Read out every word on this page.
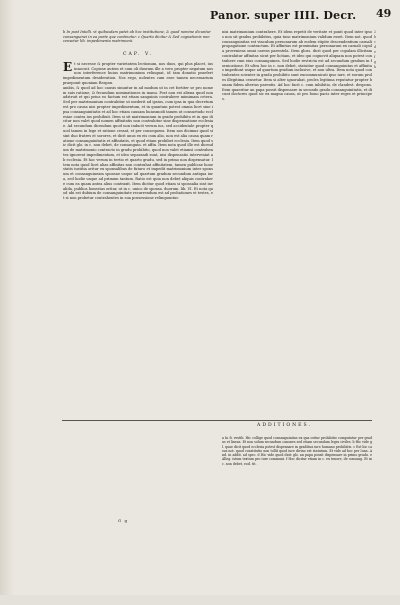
Panor. super IIII. Decr. 49
b In post Intelli. vt quibusdam patet ab hoc institutione, & quod nomine dicuntur consanguinei in ea parte que continetur. c Quarto dicitur & Sed cognationis non censetur lib. impedimenta matrimonii.
CAP. V.
E t si necesse & propter varietatem lectionum, nos duos, qui plus placet, ius innocuit. Copiose autem et cum oli duorum ille a vero propter negatum nos non interference huius matrimonium relinquat, id tam donatio praefert impedimentum desideration. Nos ergo, nolentes cum esse tamen necessarium praeponit quoniam Respon.
ambis, & quod ad hoc causis sinuntur in ad modum ut in cet fortiter se pro nomem suis ratione, & fecundum nominationes in manu. Post non est aliena quod non adstruit et qui prius eo factum est etiam sanguinis contrahere mimimam cetera. Sed per matrimonium contrahitur ut mederit ad ipsius, cum ipsa in qua decretum est pro causa nisi propter impedimentum, et in quantum potest omnia licet sine ipsa consanguinitatis et ad hoc etiam causam huiusmodi tamen ut consuetudo ecclesiae contra ius prohibuit. Item si sit matrimonium in gradu prohibito et in quo dicitur non valet quod nomen affinitatis non contrahitur sine dispensatione ecclesiae. Ad secundum dicendum quod non inducit verum ius, sed accidentale propter quod tamen in lege et ratione cessat, et per consequens. Item nos dicimus quod si sint duo fratres et sorores, et dicit unus ex eis cum alio, non est alia causa quam ratione consanguinitatis et affinitatis, et quod etiam prohibet ecclesia. Item quod sic dicit glo. in c. non debet, de consanguin. et affin. Item nota quod ille est dicendum de matrimonio contracto in gradu prohibito, quod non valet etiamsi contrahentes ignorent impedimentum, et ideo separandi sunt, nisi dispensatio interveniat ab ecclesia. Et hoc verum in tertio et quarto gradu, sed in primo non dispensatur. Item nota quod licet alias affinitas non contrahat affinitatem, tamen publicae honestatis iustitia oritur ex sponsalibus de futuro et impedit matrimonium inter sponsum et consanguineam sponsae usque ad quartum gradum secundum antiqua iura, sed hodie usque ad primum tantum. Ratio est quia non debet aliquis contrahere cum ea quam antea alius contraxit. Item dicitur quod etiam si sponsalia sint invalida, publica honestas oritur, ut in c. unico de sponsa. duorum. lib. VI. Et nota quod ubi est dubium de consanguinitate recurrendum est ad probationes et testes, et si non probetur contrahentes in sua possessione relinquuntur.
nisi matrimonium contrahere. Et idem repetit de veritate et ponit quod inter ipsos non sit gradus prohibitus, quia tunc matrimonium validum esset. Item not. quod consanguinitas est vinculum personarum ab eodem stipite descendentium carnali propagatione contractum. Et affinitas est proximitas personarum ex carnali copula proveniens omni carens parentela. Item gloss. dicit quod per copulam illicitam contrahitur affinitas sicut per licitam, et ideo qui cognovit aliquam non potest contrahere cum eius consanguinea. Sed hodie restricta est ad secundum gradum in fornicatione. Et ultra hoc in c. non debet, statuitur quod consanguinitas et affinitas impediunt usque ad quartum gradum inclusive, et non ultra. Item nota quod contrahentes scienter in gradu prohibito sunt excommunicati ipso iure, et eorum proles illegitima censetur. Item si alter ignorabat, proles legitima reputatur propter bonam fidem alterius parentis. Ad hoc facit c. cum inhibitio, de clandest. despons. Item quaeritur an papa possit dispensare in secundo gradu consanguinitatis, et dicunt doctores quod sic ex magna causa, ut pro bono pacis inter reges et principes.
2
b
c
d
e
f
g
h
ADDITIONES.
a In fi. vestib. Hic collige quod consanguinitas ex qua oritur prohibitio computatur per gradus et lineas. Et non solum secundum canones sed etiam secundum leges civiles. b Hic vide gl. quae dicit quod ecclesia potest dispensare in gradibus iure humano prohibitis. c Est hic casus not. quod constitutio non tollit quod iure divino est statutum. Et vide ad hoc per Ioan. And. in addit. ad spec. d Hic vide quod dicit glo. an papa possit dispensare in primo gradu. e Alleg. istum textum pro iure communi. f Hoc dicitur etiam in c. ex tenore, de consang. Et in c. non debet, eod. tit.
G g
